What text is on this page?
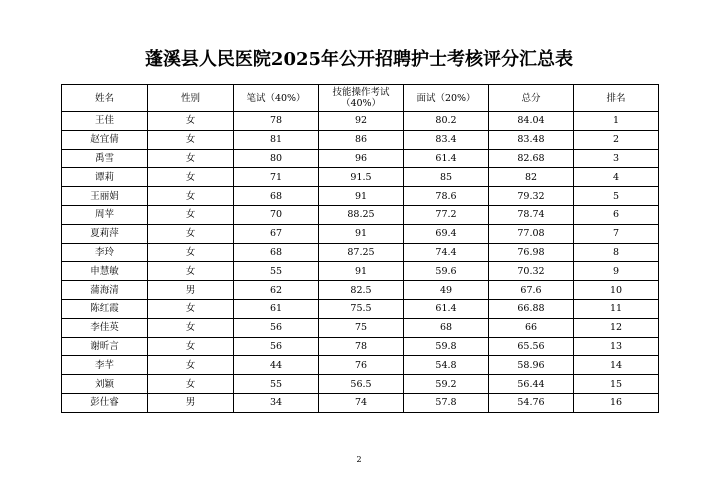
蓬溪县人民医院2025年公开招聘护士考核评分汇总表
姓名	性别	笔试（40%）	技能操作考试（40%）	面试（20%）	总分	排名
王佳	女	78	92	80.2	84.04	1
赵宜倩	女	81	86	83.4	83.48	2
禹雪	女	80	96	61.4	82.68	3
谭莉	女	71	91.5	85	82	4
王丽娟	女	68	91	78.6	79.32	5
周苹	女	70	88.25	77.2	78.74	6
夏莉萍	女	67	91	69.4	77.08	7
李玲	女	68	87.25	74.4	76.98	8
申慧敏	女	55	91	59.6	70.32	9
蒲海清	男	62	82.5	49	67.6	10
陈红霞	女	61	75.5	61.4	66.88	11
李佳英	女	56	75	68	66	12
谢昕言	女	56	78	59.8	65.56	13
李芊	女	44	76	54.8	58.96	14
刘颖	女	55	56.5	59.2	56.44	15
彭仕睿	男	34	74	57.8	54.76	16
2
